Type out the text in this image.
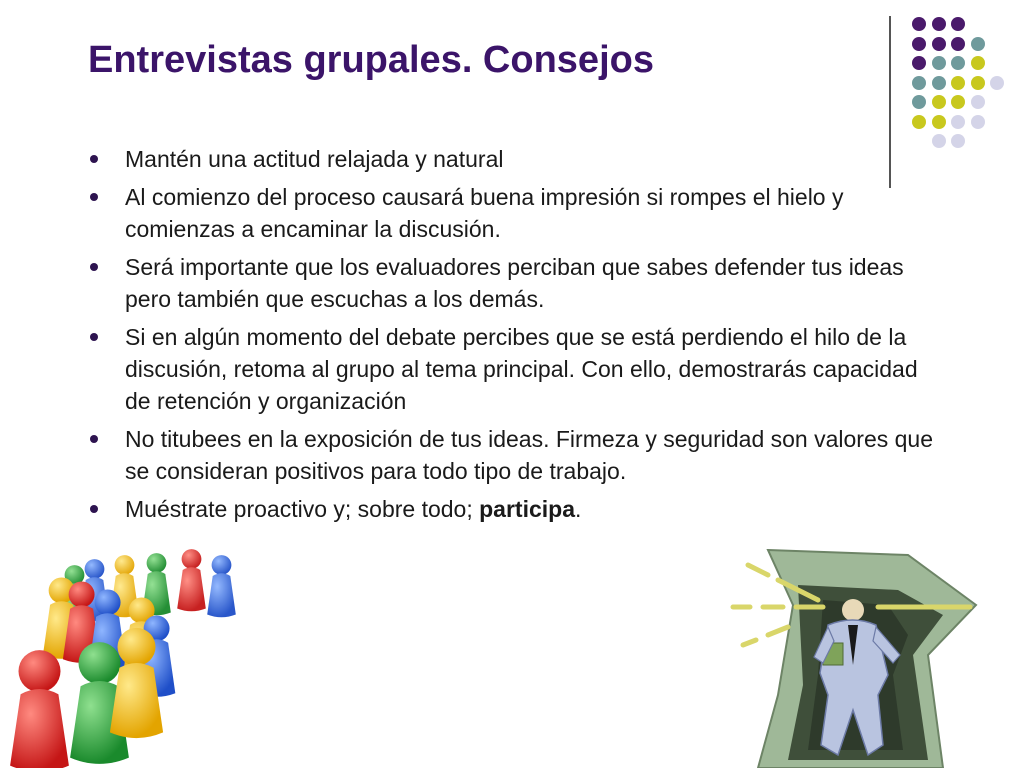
Entrevistas grupales. Consejos
Mantén una actitud relajada y natural
Al comienzo del proceso causará buena impresión si rompes el hielo y comienzas a encaminar la discusión.
Será importante que los evaluadores perciban que sabes defender tus ideas pero también que escuchas a los demás.
Si en algún momento del debate percibes que se está perdiendo el hilo de la discusión, retoma al grupo al tema principal. Con ello, demostrarás capacidad de retención y organización
No titubees en la exposición de tus ideas. Firmeza y seguridad son valores que se consideran positivos para todo tipo de trabajo.
Muéstrate proactivo y; sobre todo; participa.
